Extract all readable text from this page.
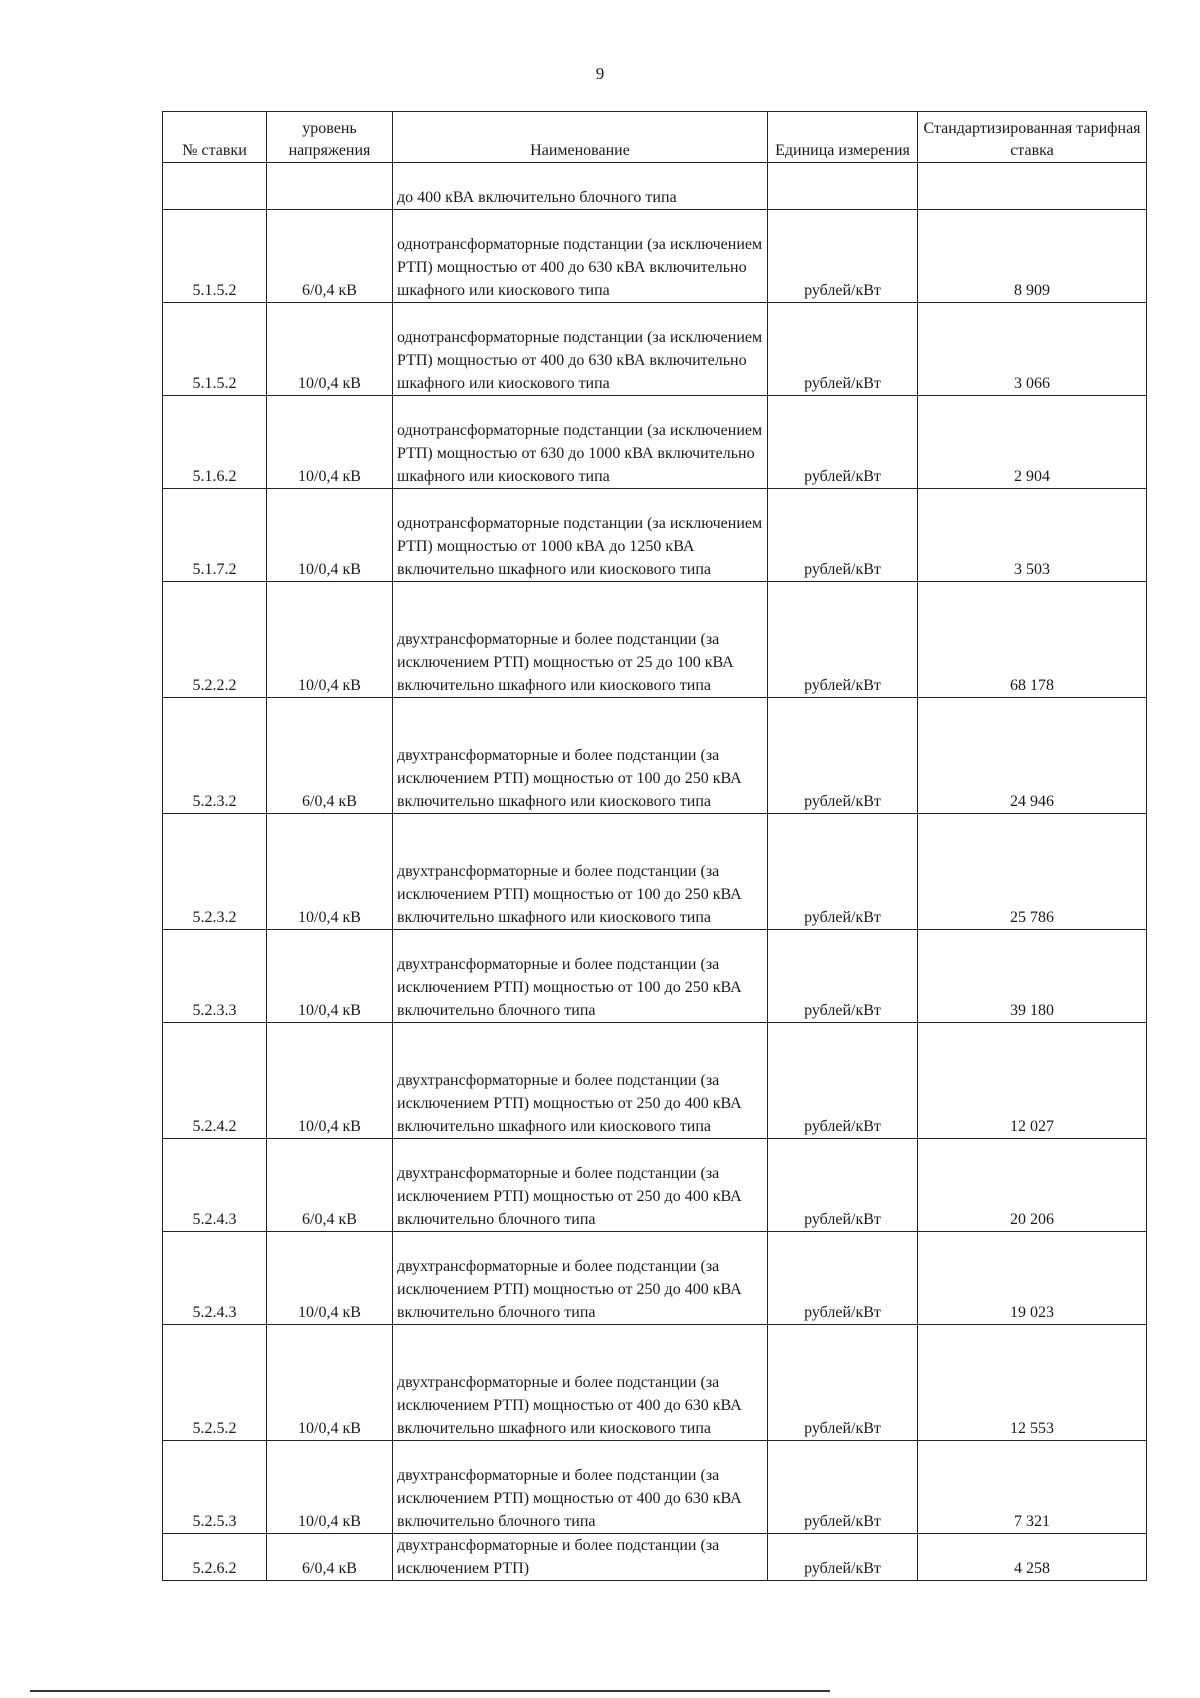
9
№ ставки	уровень напряжения	Наименование	Единица измерения	Стандартизированная тарифная ставка
		до 400 кВА включительно блочного типа		
5.1.5.2	6/0,4 кВ	однотрансформаторные подстанции (за исключением РТП) мощностью от 400 до 630 кВА включительно шкафного или киоскового типа	рублей/кВт	8 909
5.1.5.2	10/0,4 кВ	однотрансформаторные подстанции (за исключением РТП) мощностью от 400 до 630 кВА включительно шкафного или киоскового типа	рублей/кВт	3 066
5.1.6.2	10/0,4 кВ	однотрансформаторные подстанции (за исключением РТП) мощностью от 630 до 1000 кВА включительно шкафного или киоскового типа	рублей/кВт	2 904
5.1.7.2	10/0,4 кВ	однотрансформаторные подстанции (за исключением РТП) мощностью от 1000 кВА до 1250 кВА включительно шкафного или киоскового типа	рублей/кВт	3 503
5.2.2.2	10/0,4 кВ	двухтрансформаторные и более подстанции (за исключением РТП) мощностью от 25 до 100 кВА включительно шкафного или киоскового типа	рублей/кВт	68 178
5.2.3.2	6/0,4 кВ	двухтрансформаторные и более подстанции (за исключением РТП) мощностью от 100 до 250 кВА включительно шкафного или киоскового типа	рублей/кВт	24 946
5.2.3.2	10/0,4 кВ	двухтрансформаторные и более подстанции (за исключением РТП) мощностью от 100 до 250 кВА включительно шкафного или киоскового типа	рублей/кВт	25 786
5.2.3.3	10/0,4 кВ	двухтрансформаторные и более подстанции (за исключением РТП) мощностью от 100 до 250 кВА включительно блочного типа	рублей/кВт	39 180
5.2.4.2	10/0,4 кВ	двухтрансформаторные и более подстанции (за исключением РТП) мощностью от 250 до 400 кВА включительно шкафного или киоскового типа	рублей/кВт	12 027
5.2.4.3	6/0,4 кВ	двухтрансформаторные и более подстанции (за исключением РТП) мощностью от 250 до 400 кВА включительно блочного типа	рублей/кВт	20 206
5.2.4.3	10/0,4 кВ	двухтрансформаторные и более подстанции (за исключением РТП) мощностью от 250 до 400 кВА включительно блочного типа	рублей/кВт	19 023
5.2.5.2	10/0,4 кВ	двухтрансформаторные и более подстанции (за исключением РТП) мощностью от 400 до 630 кВА включительно шкафного или киоскового типа	рублей/кВт	12 553
5.2.5.3	10/0,4 кВ	двухтрансформаторные и более подстанции (за исключением РТП) мощностью от 400 до 630 кВА включительно блочного типа	рублей/кВт	7 321
5.2.6.2	6/0,4 кВ	двухтрансформаторные и более подстанции (за исключением РТП)	рублей/кВт	4 258
